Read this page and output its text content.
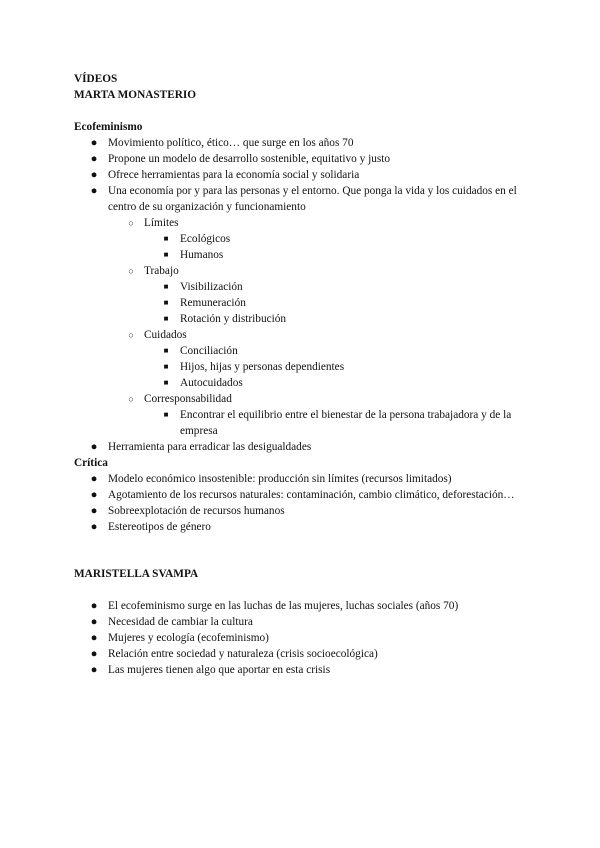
VÍDEOS
MARTA MONASTERIO
Ecofeminismo
● Movimiento político, ético… que surge en los años 70
● Propone un modelo de desarrollo sostenible, equitativo y justo
● Ofrece herramientas para la economía social y solidaria
● Una economía por y para las personas y el entorno. Que ponga la vida y los cuidados en el centro de su organización y funcionamiento
○ Límites
■ Ecológicos
■ Humanos
○ Trabajo
■ Visibilización
■ Remuneración
■ Rotación y distribución
○ Cuidados
■ Conciliación
■ Hijos, hijas y personas dependientes
■ Autocuidados
○ Corresponsabilidad
■ Encontrar el equilibrio entre el bienestar de la persona trabajadora y de la empresa
● Herramienta para erradicar las desigualdades
Crítica
● Modelo económico insostenible: producción sin límites (recursos limitados)
● Agotamiento de los recursos naturales: contaminación, cambio climático, deforestación…
● Sobreexplotación de recursos humanos
● Estereotipos de género
MARISTELLA SVAMPA
● El ecofeminismo surge en las luchas de las mujeres, luchas sociales (años 70)
● Necesidad de cambiar la cultura
● Mujeres y ecología (ecofeminismo)
● Relación entre sociedad y naturaleza (crisis socioecológica)
● Las mujeres tienen algo que aportar en esta crisis
